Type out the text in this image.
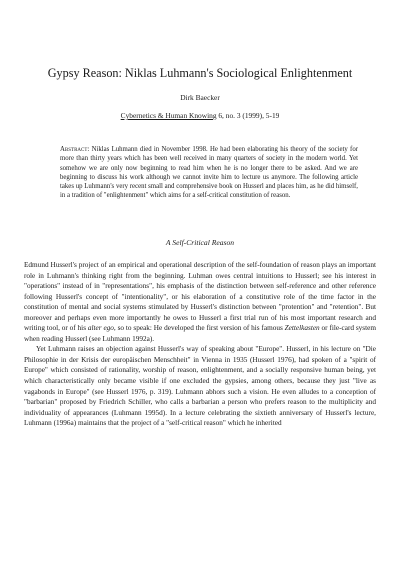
Gypsy Reason: Niklas Luhmann's Sociological Enlightenment
Dirk Baecker
Cybernetics & Human Knowing 6, no. 3 (1999), 5-19

Abstract: Niklas Luhmann died in November 1998. He had been elaborating his theory of the society for more than thirty years which has been well received in many quarters of society in the modern world. Yet somehow we are only now beginning to read him when he is no longer there to be asked. And we are beginning to discuss his work although we cannot invite him to lecture us anymore. The following article takes up Luhmann's very recent small and comprehensive book on Husserl and places him, as he did himself, in a tradition of "enlightenment" which aims for a self-critical constitution of reason.

A Self-Critical Reason

Edmund Husserl's project of an empirical and operational description of the self-foundation of reason plays an important role in Luhmann's thinking right from the beginning. Luhman owes central intuitions to Husserl; see his interest in "operations" instead of in "representations", his emphasis of the distinction between self-reference and other reference following Husserl's concept of "intentionality", or his elaboration of a constitutive role of the time factor in the constitution of mental and social systems stimulated by Husserl's distinction between "protention" and "retention". But moreover and perhaps even more importantly he owes to Husserl a first trial run of his most important research and writing tool, or of his alter ego, so to speak: He developed the first version of his famous Zettelkasten or file-card system when reading Husserl (see Luhmann 1992a).

Yet Luhmann raises an objection against Husserl's way of speaking about "Europe". Husserl, in his lecture on "Die Philosophie in der Krisis der europäischen Menschheit" in Vienna in 1935 (Husserl 1976), had spoken of a "spirit of Europe" which consisted of rationality, worship of reason, enlightenment, and a socially responsive human being, yet which characteristically only became visible if one excluded the gypsies, among others, because they just "live as vagabonds in Europe" (see Husserl 1976, p. 319). Luhmann abhors such a vision. He even alludes to a conception of "barbarian" proposed by Friedrich Schiller, who calls a barbarian a person who prefers reason to the multiplicity and individuality of appearances (Luhmann 1995d). In a lecture celebrating the sixtieth anniversary of Husserl's lecture, Luhmann (1996a) maintains that the project of a "self-critical reason" which he inherited
